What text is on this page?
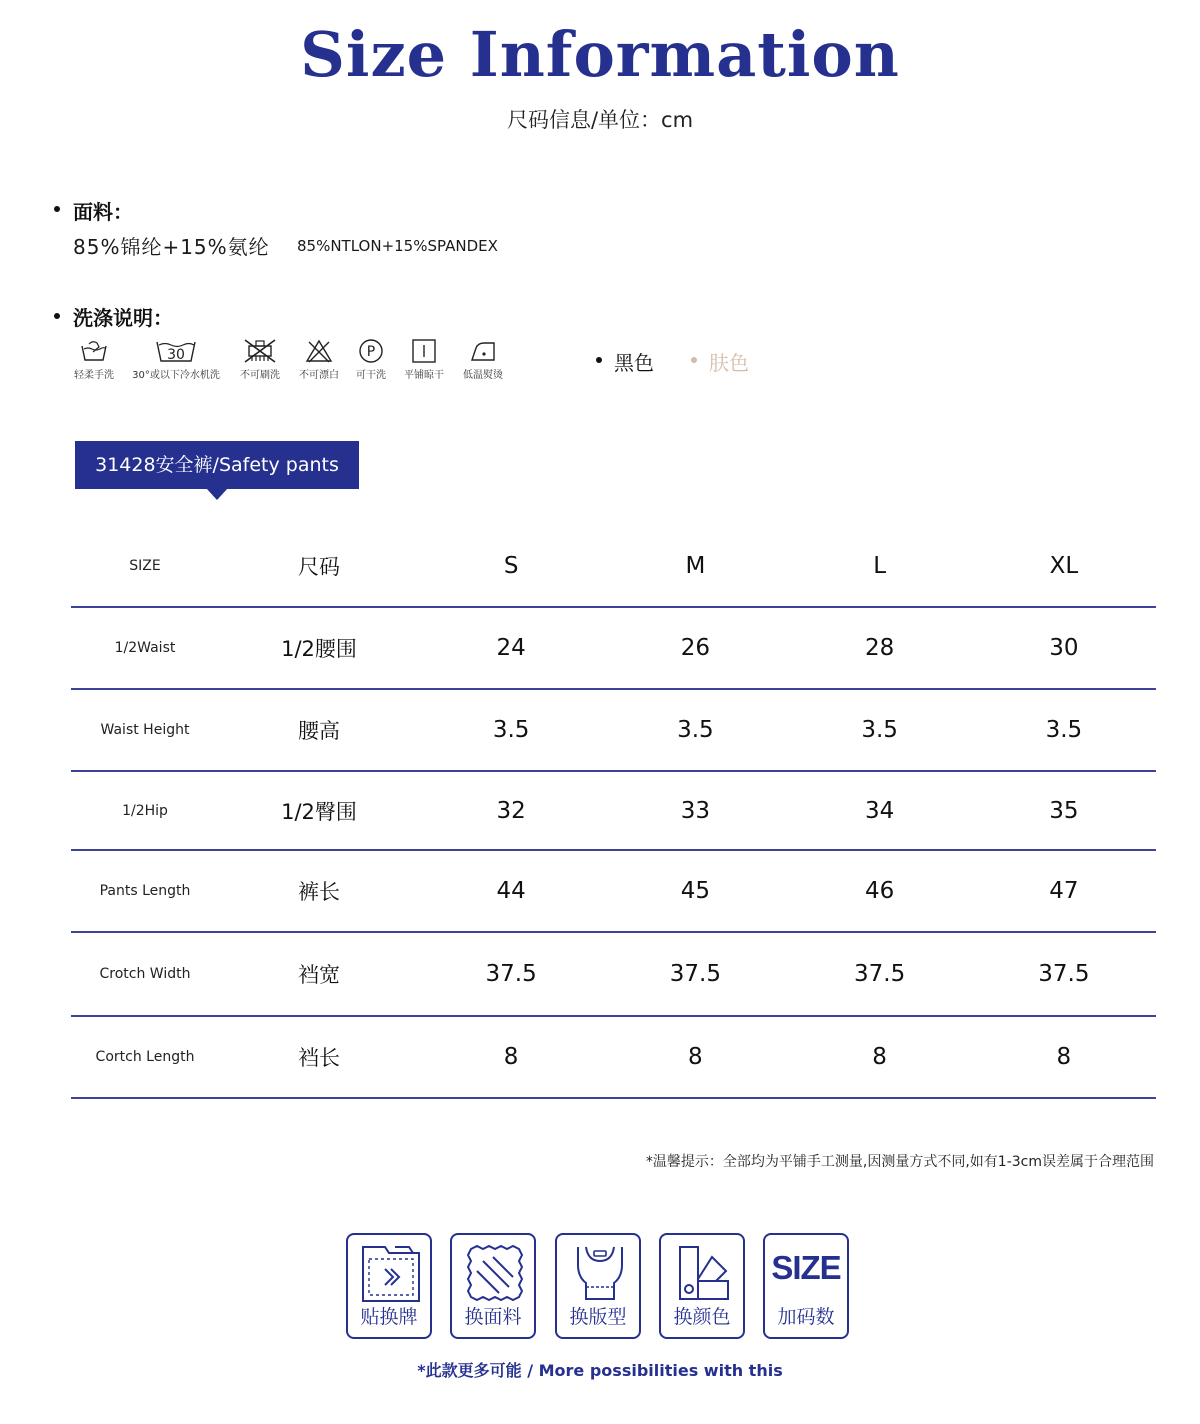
Size Information
尺码信息/单位：cm
面料：
85%锦纶+15%氨纶 85%NTLON+15%SPANDEX
洗涤说明：
轻柔手洗
30
30°或以下冷水机洗	不可刷洗	不可漂白
P
可干洗	平铺晾干	低温熨烫
黑色	肤色
31428安全裤/Safety pants
SIZE	尺码	S	M	L	XL
1/2Waist	1/2腰围	24	26	28	30
Waist Height	腰高	3.5	3.5	3.5	3.5
1/2Hip	1/2臀围	32	33	34	35
Pants Length	裤长	44	45	46	47
Crotch Width	裆宽	37.5	37.5	37.5	37.5
Cortch Length	裆长	8	8	8	8
*温馨提示：全部均为平铺手工测量,因测量方式不同,如有1-3cm误差属于合理范围
贴换牌	换面料	换版型	换颜色
SIZE
加码数
*此款更多可能 / More possibilities with this
